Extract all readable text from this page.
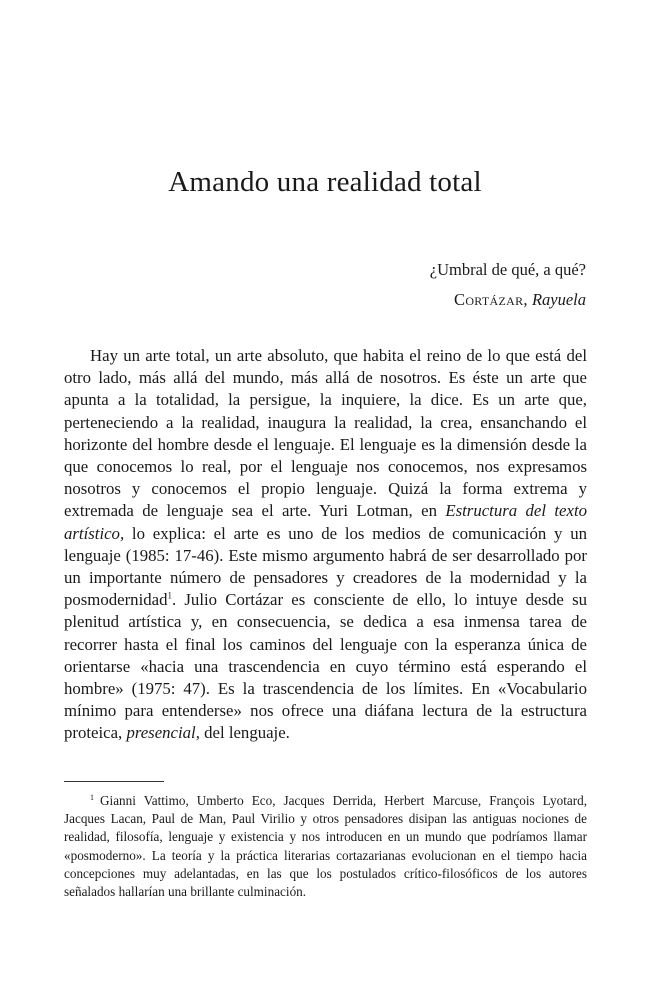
Amando una realidad total
¿Umbral de qué, a qué?
Cortázar, Rayuela

Hay un arte total, un arte absoluto, que habita el reino de lo que está del otro lado, más allá del mundo, más allá de nosotros. Es éste un arte que apunta a la totalidad, la persigue, la inquiere, la dice. Es un arte que, perteneciendo a la realidad, inaugura la realidad, la crea, ensanchando el horizonte del hombre desde el lenguaje. El lenguaje es la dimensión desde la que conocemos lo real, por el lenguaje nos conocemos, nos expresamos nosotros y conocemos el propio lenguaje. Quizá la forma extrema y extremada de lenguaje sea el arte. Yuri Lotman, en Estructura del texto artístico, lo explica: el arte es uno de los medios de comunicación y un lenguaje (1985: 17-46). Este mismo argumento habrá de ser desarrollado por un importante número de pensadores y creadores de la modernidad y la posmodernidad$^1$. Julio Cortázar es consciente de ello, lo intuye desde su plenitud artística y, en consecuencia, se dedica a esa inmensa tarea de recorrer hasta el final los caminos del lenguaje con la esperanza única de orientarse «hacia una trascendencia en cuyo término está esperando el hombre» (1975: 47). Es la trascendencia de los límites. En «Vocabulario mínimo para entenderse» nos ofrece una diáfana lectura de la estructura proteica, presencial, del lenguaje.

$^1$ Gianni Vattimo, Umberto Eco, Jacques Derrida, Herbert Marcuse, François Lyotard, Jacques Lacan, Paul de Man, Paul Virilio y otros pensadores disipan las antiguas nociones de realidad, filosofía, lenguaje y existencia y nos introducen en un mundo que podríamos llamar «posmoderno». La teoría y la práctica literarias cortazarianas evolucionan en el tiempo hacia concepciones muy adelantadas, en las que los postulados crítico-filosóficos de los autores señalados hallarían una brillante culminación.
